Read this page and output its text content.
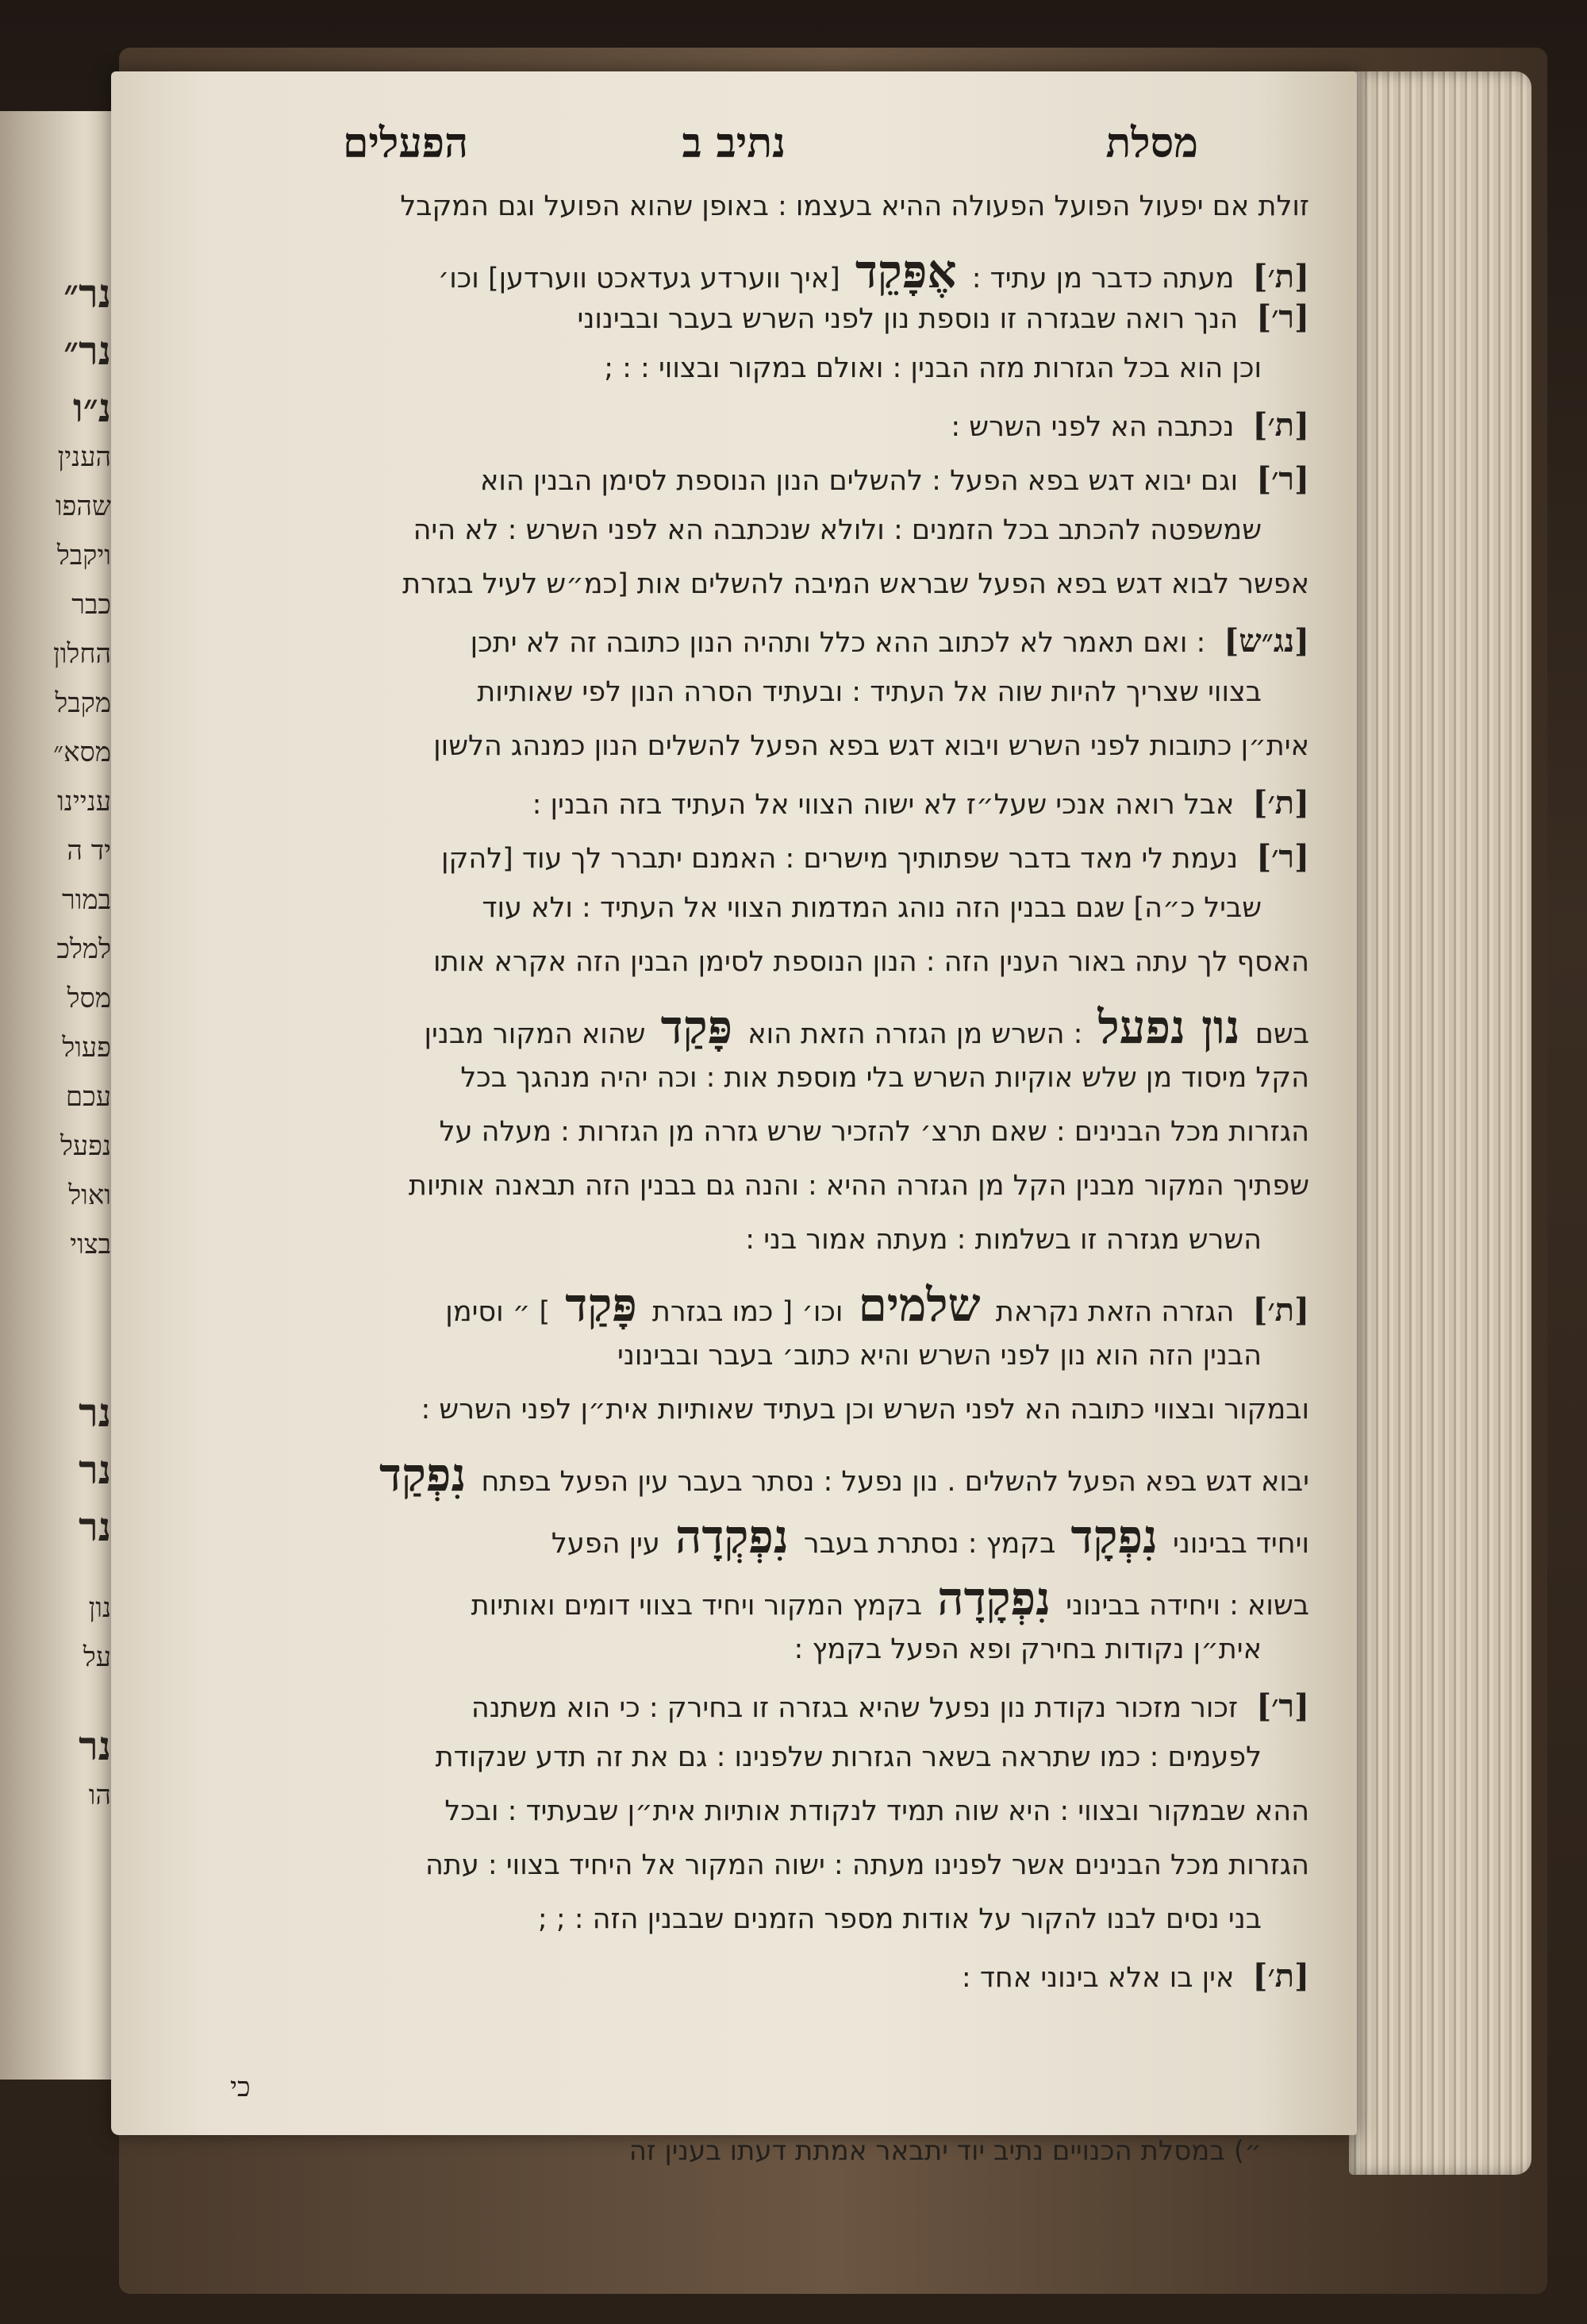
נר״
נר״
נ״ו
הענין
שהפו
ויקבל
כבר
החלון
מקבל
מסא״
עניינו
יד ה
במור
למלכ
מסל
פעול
עכם
נפעל
ואול
בצוי
נר
נר
נר
נון
על
נר
הו
מסלת
נתיב ב
הפעלים
זולת אם יפעול הפועל הפעולה ההיא בעצמו : באופן שהוא הפועל וגם המקבל
[ת׳] מעתה כדבר מן עתיד : אֶפָּקֵד [איך ווערדע געדאכט ווערדען] וכו׳
[ר׳] הנך רואה שבגזרה זו נוספת נון לפני השרש בעבר ובבינוני
וכן הוא בכל הגזרות מזה הבנין : ואולם במקור ובצווי : : ;
[ת׳] נכתבה הא לפני השרש :
[ר׳] וגם יבוא דגש בפא הפעל : להשלים הנון הנוספת לסימן הבנין הוא
שמשפטה להכתב בכל הזמנים : ולולא שנכתבה הא לפני השרש : לא היה
אפשר לבוא דגש בפא הפעל שבראש המיבה להשלים אות [כמ״ש לעיל בגזרת
[נג״ש] : ואם תאמר לא לכתוב ההא כלל ותהיה הנון כתובה זה לא יתכן
בצווי שצריך להיות שוה אל העתיד : ובעתיד הסרה הנון לפי שאותיות
אית״ן כתובות לפני השרש ויבוא דגש בפא הפעל להשלים הנון כמנהג הלשון
[ת׳] אבל רואה אנכי שעל״ז לא ישוה הצווי אל העתיד בזה הבנין :
[ר׳] נעמת לי מאד בדבר שפתותיך מישרים : האמנם יתברר לך עוד [להקן
שביל כ״ה] שגם בבנין הזה נוהג המדמות הצווי אל העתיד : ולא עוד
האסף לך עתה באור הענין הזה : הנון הנוספת לסימן הבנין הזה אקרא אותו
בשם נון נפעל : השרש מן הגזרה הזאת הוא פָּקַד שהוא המקור מבנין
הקל מיסוד מן שלש אוקיות השרש בלי מוספת אות : וכה יהיה מנהגך בכל
הגזרות מכל הבנינים : שאם תרצ׳ להזכיר שרש גזרה מן הגזרות : מעלה על
שפתיך המקור מבנין הקל מן הגזרה ההיא : והנה גם בבנין הזה תבאנה אותיות
השרש מגזרה זו בשלמות : מעתה אמור בני :
[ת׳] הגזרה הזאת נקראת שלמים וכו׳ [ כמו בגזרת פָּקַד ] ״ וסימן
הבנין הזה הוא נון לפני השרש והיא כתוב׳ בעבר ובבינוני
ובמקור ובצווי כתובה הא לפני השרש וכן בעתיד שאותיות אית״ן לפני השרש :
יבוא דגש בפא הפעל להשלים . נון נפעל : נסתר בעבר עין הפעל בפתח נִפְקַד
ויחיד בבינוני נִפְקָד בקמץ : נסתרת בעבר נִפְקְדָה עין הפעל
בשוא : ויחידה בבינוני נִפְקָדָה בקמץ המקור ויחיד בצווי דומים ואותיות
אית״ן נקודות בחירק ופא הפעל בקמץ :
[ר׳] זכור מזכור נקודת נון נפעל שהיא בגזרה זו בחירק : כי הוא משתנה
לפעמים : כמו שתראה בשאר הגזרות שלפנינו : גם את זה תדע שנקודת
ההא שבמקור ובצווי : היא שוה תמיד לנקודת אותיות אית״ן שבעתיד : ובכל
הגזרות מכל הבנינים אשר לפנינו מעתה : ישוה המקור אל היחיד בצווי : עתה
בני נסים לבנו להקור על אודות מספר הזמנים שבבנין הזה : ; ;
[ת׳] אין בו אלא בינוני אחד :
כי
״) במסלת הכנויים נתיב יוד יתבאר אמתת דעתו בענין זה
